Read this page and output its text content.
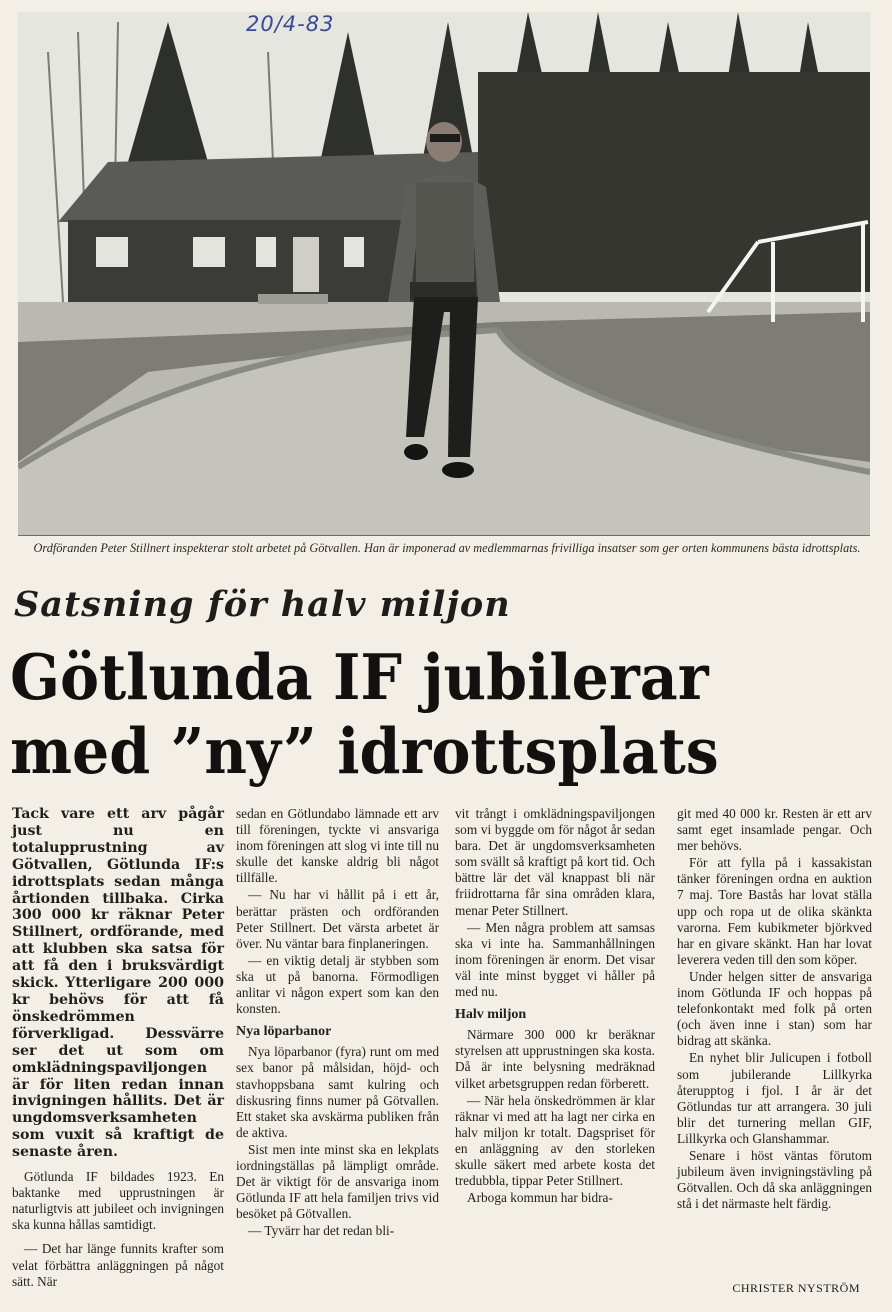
20/4-83
Ordföranden Peter Stillnert inspekterar stolt arbetet på Götvallen. Han är imponerad av medlemmarnas frivilliga insatser som ger orten kommunens bästa idrottsplats.
Satsning för halv miljon
Götlunda IF jubilerar med ”ny” idrottsplats

Tack vare ett arv pågår just nu en totalupprustning av Götvallen, Götlunda IF:s idrottsplats sedan många årtionden tillbaka. Cirka 300 000 kr räknar Peter Stillnert, ordförande, med att klubben ska satsa för att få den i bruksvärdigt skick. Ytterligare 200 000 kr behövs för att få önskedrömmen förverkligad. Dessvärre ser det ut som om omklädningspaviljongen är för liten redan innan invigningen hållits. Det är ungdomsverksamheten som vuxit så kraftigt de senaste åren.

Götlunda IF bildades 1923. En baktanke med upprustningen är naturligtvis att jubileet och invigningen ska kunna hållas samtidigt.

— Det har länge funnits krafter som velat förbättra anläggningen på något sätt. När

sedan en Götlundabo lämnade ett arv till föreningen, tyckte vi ansvariga inom föreningen att slog vi inte till nu skulle det kanske aldrig bli något tillfälle.

— Nu har vi hållit på i ett år, berättar prästen och ordföranden Peter Stillnert. Det värsta arbetet är över. Nu väntar bara finplaneringen.

— en viktig detalj är stybben som ska ut på banorna. Förmodligen anlitar vi någon expert som kan den konsten.

Nya löparbanor

Nya löparbanor (fyra) runt om med sex banor på målsidan, höjd- och stavhoppsbana samt kulring och diskusring finns numer på Götvallen. Ett staket ska avskärma publiken från de aktiva.

Sist men inte minst ska en lekplats iordningställas på lämpligt område. Det är viktigt för de ansvariga inom Götlunda IF att hela familjen trivs vid besöket på Götvallen.

— Tyvärr har det redan bli-

vit trångt i omklädningspaviljongen som vi byggde om för något år sedan bara. Det är ungdomsverksamheten som svällt så kraftigt på kort tid. Och bättre lär det väl knappast bli när friidrottarna får sina områden klara, menar Peter Stillnert.

— Men några problem att samsas ska vi inte ha. Sammanhållningen inom föreningen är enorm. Det visar väl inte minst bygget vi håller på med nu.

Halv miljon

Närmare 300 000 kr beräknar styrelsen att upprustningen ska kosta. Då är inte belysning medräknad vilket arbetsgruppen redan förberett.

— När hela önskedrömmen är klar räknar vi med att ha lagt ner cirka en halv miljon kr totalt. Dagspriset för en anläggning av den storleken skulle säkert med arbete kosta det tredubbla, tippar Peter Stillnert.

Arboga kommun har bidra-

git med 40 000 kr. Resten är ett arv samt eget insamlade pengar. Och mer behövs.

För att fylla på i kassakistan tänker föreningen ordna en auktion 7 maj. Tore Bastås har lovat ställa upp och ropa ut de olika skänkta varorna. Fem kubikmeter björkved har en givare skänkt. Han har lovat leverera veden till den som köper.

Under helgen sitter de ansvariga inom Götlunda IF och hoppas på telefonkontakt med folk på orten (och även inne i stan) som har bidrag att skänka.

En nyhet blir Julicupen i fotboll som jubilerande Lillkyrka återupptog i fjol. I år är det Götlundas tur att arrangera. 30 juli blir det turnering mellan GIF, Lillkyrka och Glanshammar.

Senare i höst väntas förutom jubileum även invigningstävling på Götvallen. Och då ska anläggningen stå i det närmaste helt färdig.

CHRISTER NYSTRÖM
